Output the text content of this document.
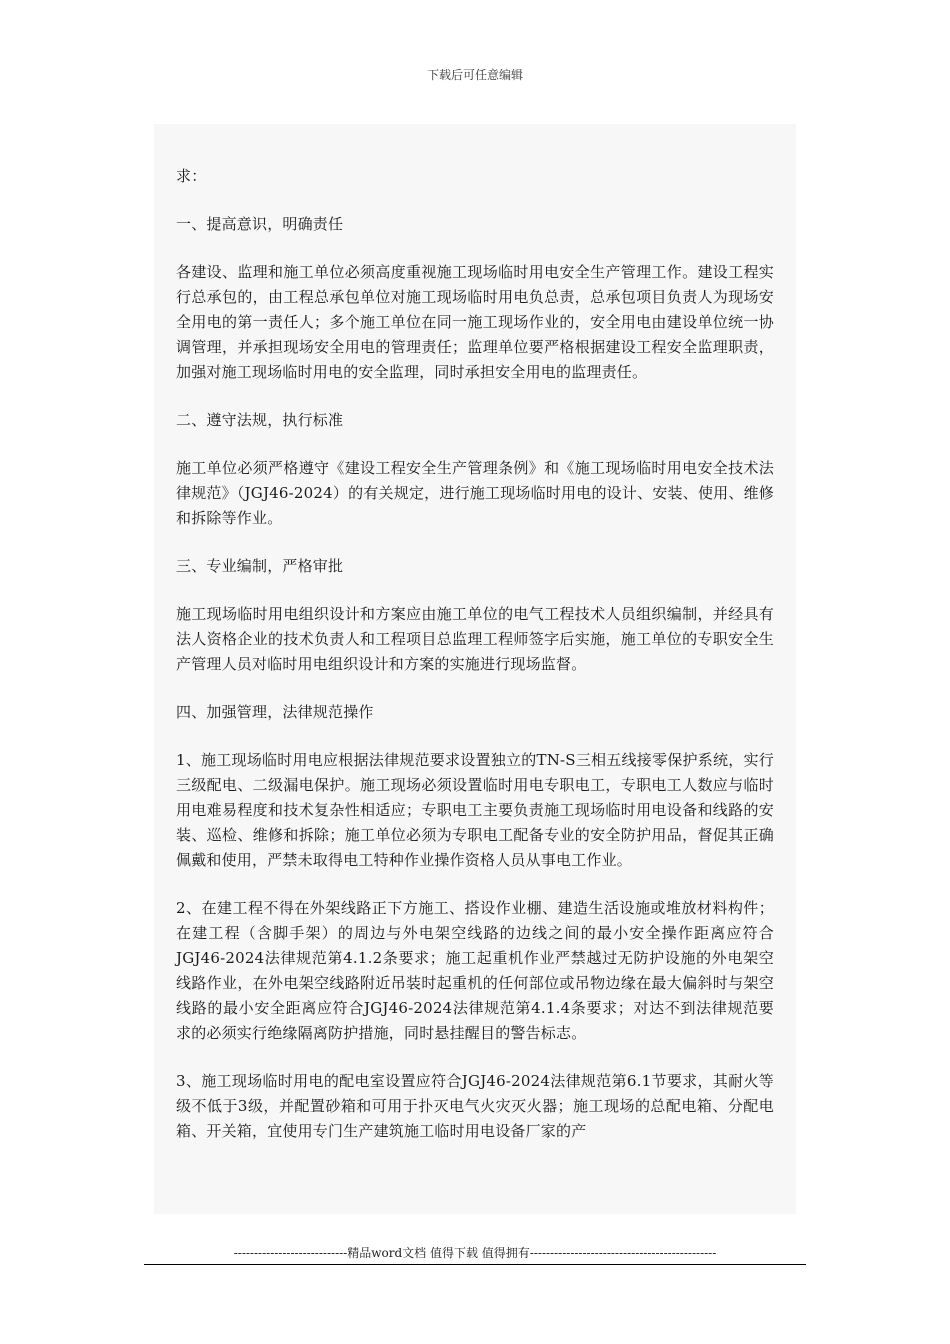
下载后可任意编辑

求：

一、提高意识，明确责任

各建设、监理和施工单位必须高度重视施工现场临时用电安全生产管理工作。建设工程实行总承包的，由工程总承包单位对施工现场临时用电负总责，总承包项目负责人为现场安全用电的第一责任人；多个施工单位在同一施工现场作业的，安全用电由建设单位统一协调管理，并承担现场安全用电的管理责任；监理单位要严格根据建设工程安全监理职责，加强对施工现场临时用电的安全监理，同时承担安全用电的监理责任。

二、遵守法规，执行标准

施工单位必须严格遵守《建设工程安全生产管理条例》和《施工现场临时用电安全技术法律规范》（JGJ46-2024）的有关规定，进行施工现场临时用电的设计、安装、使用、维修和拆除等作业。

三、专业编制，严格审批

施工现场临时用电组织设计和方案应由施工单位的电气工程技术人员组织编制，并经具有法人资格企业的技术负责人和工程项目总监理工程师签字后实施，施工单位的专职安全生产管理人员对临时用电组织设计和方案的实施进行现场监督。

四、加强管理，法律规范操作

1、施工现场临时用电应根据法律规范要求设置独立的TN-S三相五线接零保护系统，实行三级配电、二级漏电保护。施工现场必须设置临时用电专职电工，专职电工人数应与临时用电难易程度和技术复杂性相适应；专职电工主要负责施工现场临时用电设备和线路的安装、巡检、维修和拆除；施工单位必须为专职电工配备专业的安全防护用品，督促其正确佩戴和使用，严禁未取得电工特种作业操作资格人员从事电工作业。

2、在建工程不得在外架线路正下方施工、搭设作业棚、建造生活设施或堆放材料构件；在建工程（含脚手架）的周边与外电架空线路的边线之间的最小安全操作距离应符合JGJ46-2024法律规范第4.1.2条要求；施工起重机作业严禁越过无防护设施的外电架空线路作业，在外电架空线路附近吊装时起重机的任何部位或吊物边缘在最大偏斜时与架空线路的最小安全距离应符合JGJ46-2024法律规范第4.1.4条要求；对达不到法律规范要求的必须实行绝缘隔离防护措施，同时悬挂醒目的警告标志。

3、施工现场临时用电的配电室设置应符合JGJ46-2024法律规范第6.1节要求，其耐火等级不低于3级，并配置砂箱和可用于扑灭电气火灾灭火器；施工现场的总配电箱、分配电箱、开关箱，宜使用专门生产建筑施工临时用电设备厂家的产

----------------------------精品word文档 值得下载 值得拥有----------------------------------------------
